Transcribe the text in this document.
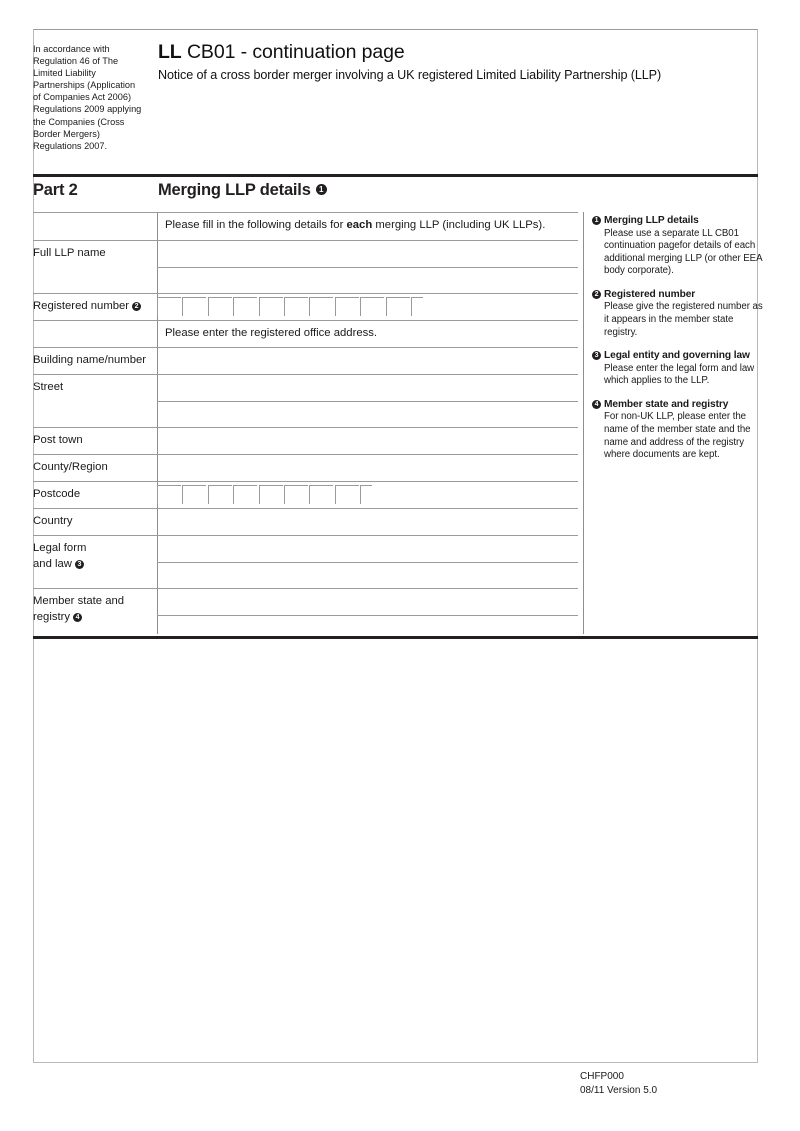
In accordance with Regulation 46 of The Limited Liability Partnerships (Application of Companies Act 2006) Regulations 2009 applying the Companies (Cross Border Mergers) Regulations 2007.
LL CB01 - continuation page
Notice of a cross border merger involving a UK registered Limited Liability Partnership (LLP)
Part 2	Merging LLP details 1
Please fill in the following details for each merging LLP (including UK LLPs).
Full LLP name
Registered number 2
Please enter the registered office address.
Building name/number
Street
Post town
County/Region
Postcode
Country
Legal form
and law 3
Member state and
registry 4
1 Merging LLP details
Please use a separate LL CB01 continuation pagefor details of each additional merging LLP (or other EEA body corporate).
2 Registered number
Please give the registered number as it appears in the member state registry.
3 Legal entity and governing law
Please enter the legal form and law which applies to the LLP.
4 Member state and registry
For non-UK LLP, please enter the name of the member state and the name and address of the registry where documents are kept.
CHFP000
08/11 Version 5.0
